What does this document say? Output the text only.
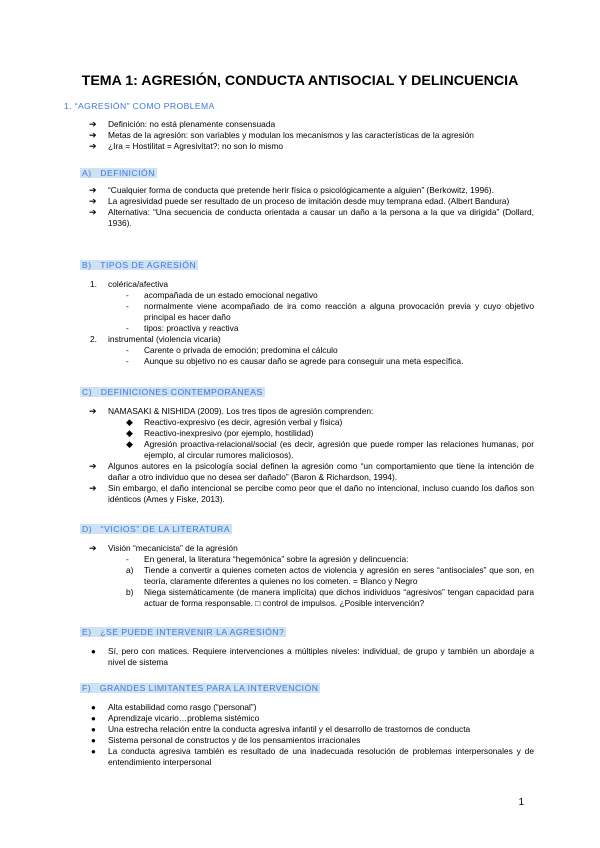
TEMA 1: AGRESIÓN, CONDUCTA ANTISOCIAL Y DELINCUENCIA
1. “AGRESIÓN” COMO PROBLEMA
➔ Definición: no está plenamente consensuada
➔ Metas de la agresión: son variables y modulan los mecanismos y las características de la agresión
➔ ¿Ira = Hostilitat = Agresivitat?: no son lo mismo
A) DEFINICIÓN
➔ “Cualquier forma de conducta que pretende herir física o psicológicamente a alguien” (Berkowitz, 1996).
➔ La agresividad puede ser resultado de un proceso de imitación desde muy temprana edad. (Albert Bandura)
➔ Alternativa: “Una secuencia de conducta orientada a causar un daño a la persona a la que va dirigida” (Dollard, 1936).
B) TIPOS DE AGRESIÓN
1. colérica/afectiva
- acompañada de un estado emocional negativo
- normalmente viene acompañado de ira como reacción a alguna provocación previa y cuyo objetivo principal es hacer daño
- tipos: proactiva y reactiva
2. instrumental (violencia vicaria)
- Carente o privada de emoción; predomina el cálculo
- Aunque su objetivo no es causar daño se agrede para conseguir una meta específica.
C) DEFINICIONES CONTEMPORÁNEAS
➔ NAMASAKI & NISHIDA (2009). Los tres tipos de agresión comprenden:
◆ Reactivo-expresivo (es decir, agresión verbal y física)
◆ Reactivo-inexpresivo (por ejemplo, hostilidad)
◆ Agresión proactiva-relacional/social (es decir, agresión que puede romper las relaciones humanas, por ejemplo, al circular rumores maliciosos).
➔ Algunos autores en la psicología social definen la agresión como “un comportamiento que tiene la intención de dañar a otro individuo que no desea ser dañado” (Baron & Richardson, 1994).
➔ Sin embargo, el daño intencional se percibe como peor que el daño no intencional, incluso cuando los daños son idénticos (Ames y Fiske, 2013).
D) “VICIOS” DE LA LITERATURA
➔ Visión “mecanicista” de la agresión
- En general, la literatura “hegemónica” sobre la agresión y delincuencia:
a) Tiende a convertir a quienes cometen actos de violencia y agresión en seres “antisociales” que son, en teoría, claramente diferentes a quienes no los cometen. = Blanco y Negro
b) Niega sistemáticamente (de manera implícita) que dichos individuos “agresivos” tengan capacidad para actuar de forma responsable. □ control de impulsos. ¿Posible intervención?
E) ¿SE PUEDE INTERVENIR LA AGRESIÓN?
● Sí, pero con matices. Requiere intervenciones a múltiples niveles: individual, de grupo y también un abordaje a nivel de sistema
F) GRANDES LIMITANTES PARA LA INTERVENCIÓN
● Alta estabilidad como rasgo (“personal”)
● Aprendizaje vicario…problema sistémico
● Una estrecha relación entre la conducta agresiva infantil y el desarrollo de trastornos de conducta
● Sistema personal de constructos y de los pensamientos irracionales
● La conducta agresiva también es resultado de una inadecuada resolución de problemas interpersonales y de entendimiento interpersonal
1
